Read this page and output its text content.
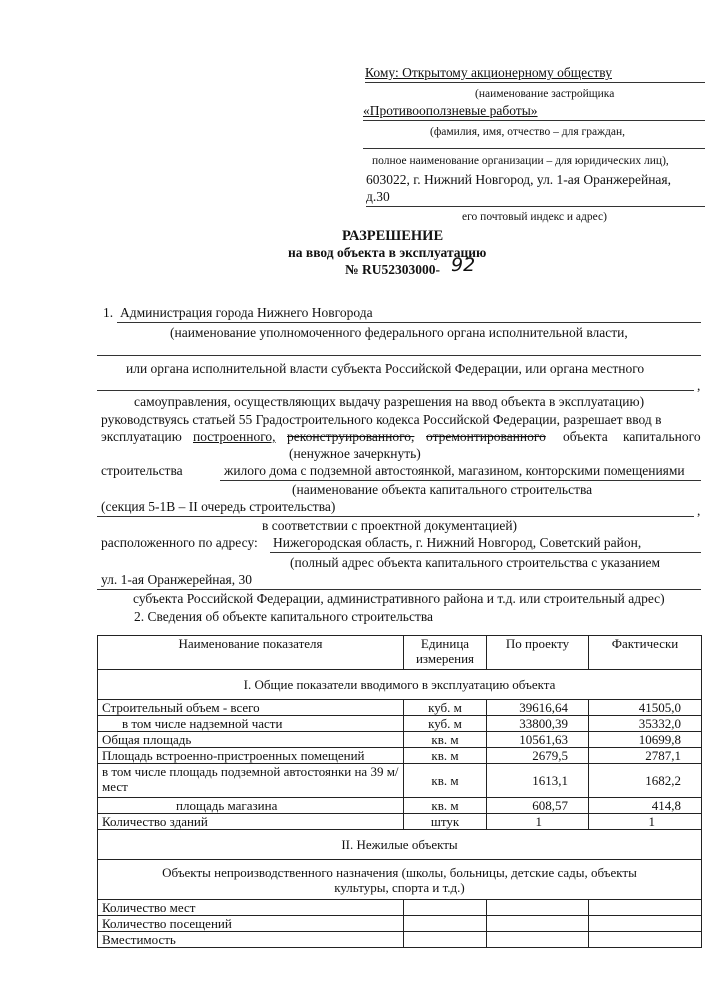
Кому: Открытому акционерному обществу
(наименование застройщика
«Противооползневые работы»
(фамилия, имя, отчество – для граждан,
полное наименование организации – для юридических лиц),
603022, г. Нижний Новгород, ул. 1-ая Оранжерейная,
д.30
его почтовый индекс и адрес)
РАЗРЕШЕНИЕ
на ввод объекта в эксплуатацию
№ RU52303000- 92
1. Администрация города Нижнего Новгорода
(наименование уполномоченного федерального органа исполнительной власти,
или органа исполнительной власти субъекта Российской Федерации, или органа местного
,
самоуправления, осуществляющих выдачу разрешения на ввод объекта в эксплуатацию)
руководствуясь статьей 55 Градостроительного кодекса Российской Федерации, разрешает ввод в
эксплуатацию построенного, реконструированного, отремонтированного объекта капитального
(ненужное зачеркнуть)
строительства	жилого дома с подземной автостоянкой, магазином, конторскими помещениями
(наименование объекта капитального строительства
(секция 5-1В – II очередь строительства)	,
в соответствии с проектной документацией)
расположенного по адресу: Нижегородская область, г. Нижний Новгород, Советский район,
(полный адрес объекта капитального строительства с указанием
ул. 1-ая Оранжерейная, 30
субъекта Российской Федерации, административного района и т.д. или строительный адрес)
2. Сведения об объекте капитального строительства
Наименование показателя	Единица измерения	По проекту	Фактически
I. Общие показатели вводимого в эксплуатацию объекта			
Строительный объем - всего	куб. м	39616,64	41505,0
в том числе надземной части	куб. м	33800,39	35332,0
Общая площадь	кв. м	10561,63	10699,8
Площадь встроенно-пристроенных помещений	кв. м	2679,5	2787,1
в том числе площадь подземной автостоянки на 39 м/мест	кв. м	1613,1	1682,2
площадь магазина	кв. м	608,57	414,8
Количество зданий	штук	1	1
II. Нежилые объекты			
Объекты непроизводственного назначения (школы, больницы, детские сады, объекты культуры, спорта и т.д.)			
Количество мест			
Количество посещений			
Вместимость			
